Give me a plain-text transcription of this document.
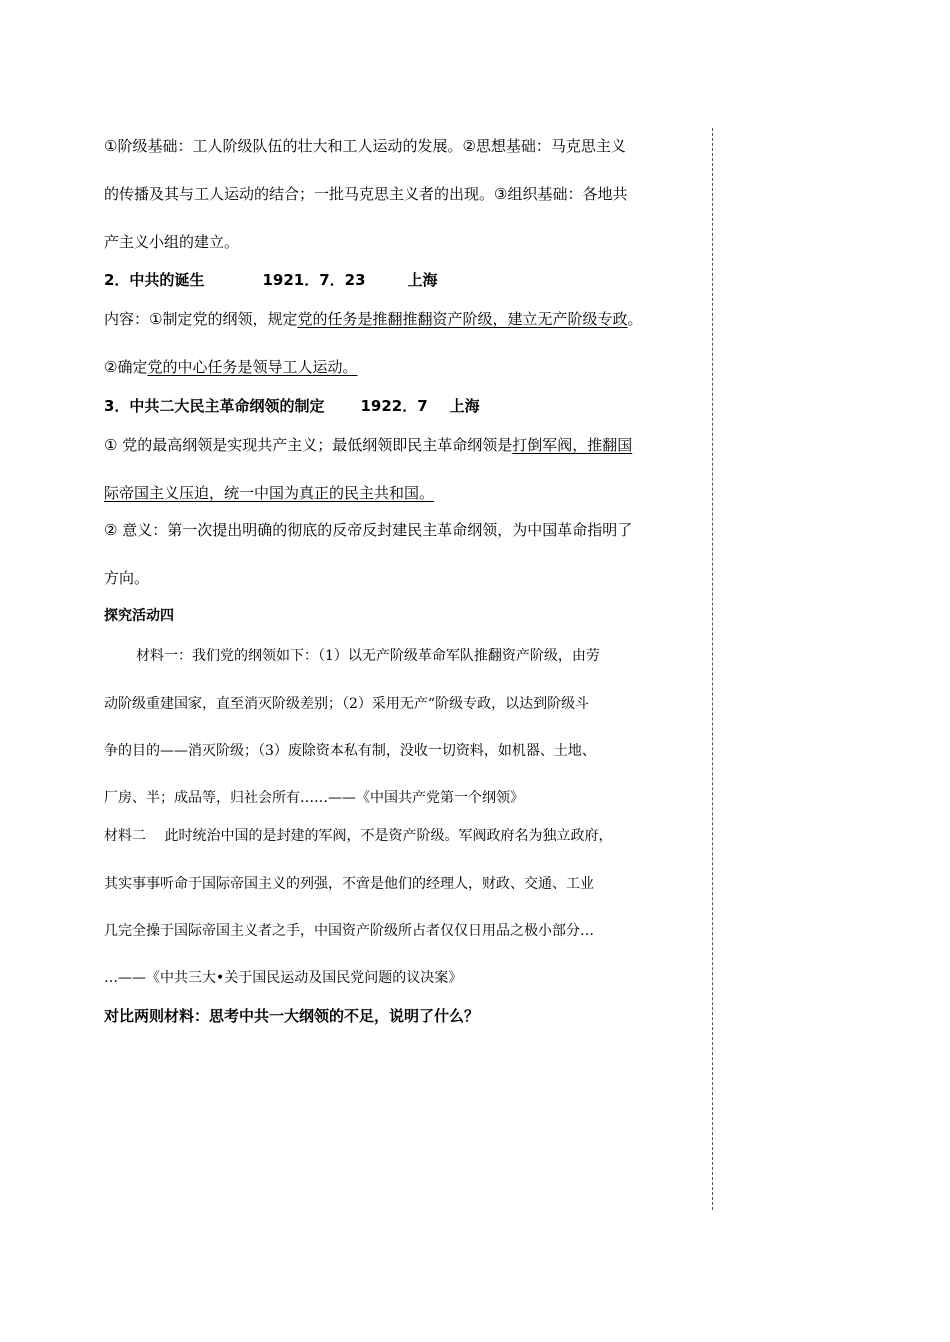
①阶级基础：工人阶级队伍的壮大和工人运动的发展。②思想基础：马克思主义
的传播及其与工人运动的结合；一批马克思主义者的出现。③组织基础：各地共
产主义小组的建立。
2．中共的诞生	1921．7．23	上海
内容：①制定党的纲领，规定党的任务是推翻推翻资产阶级，建立无产阶级专政。
②确定党的中心任务是领导工人运动。
3．中共二大民主革命纲领的制定 1922．7 上海
① 党的最高纲领是实现共产主义；最低纲领即民主革命纲领是打倒军阀，推翻国
际帝国主义压迫，统一中国为真正的民主共和国。
② 意义：第一次提出明确的彻底的反帝反封建民主革命纲领，为中国革命指明了
方向。
探究活动四
材料一：我们党的纲领如下：（1）以无产阶级革命军队推翻资产阶级，由劳
动阶级重建国家，直至消灭阶级差别；（2）采用无产“阶级专政，以达到阶级斗
争的目的——消灭阶级；（3）废除资本私有制，没收一切资料，如机器、土地、
厂房、半；成品等，归社会所有……——《中国共产党第一个纲领》
材料二　 此时统治中国的是封建的军阀，不是资产阶级。军阀政府名为独立政府，
其实事事听命于国际帝国主义的列强，不啻是他们的经理人，财政、交通、工业
几完全操于国际帝国主义者之手，中国资产阶级所占者仅仅日用品之极小部分…
…——《中共三大•关于国民运动及国民党问题的议决案》
对比两则材料：思考中共一大纲领的不足，说明了什么？
